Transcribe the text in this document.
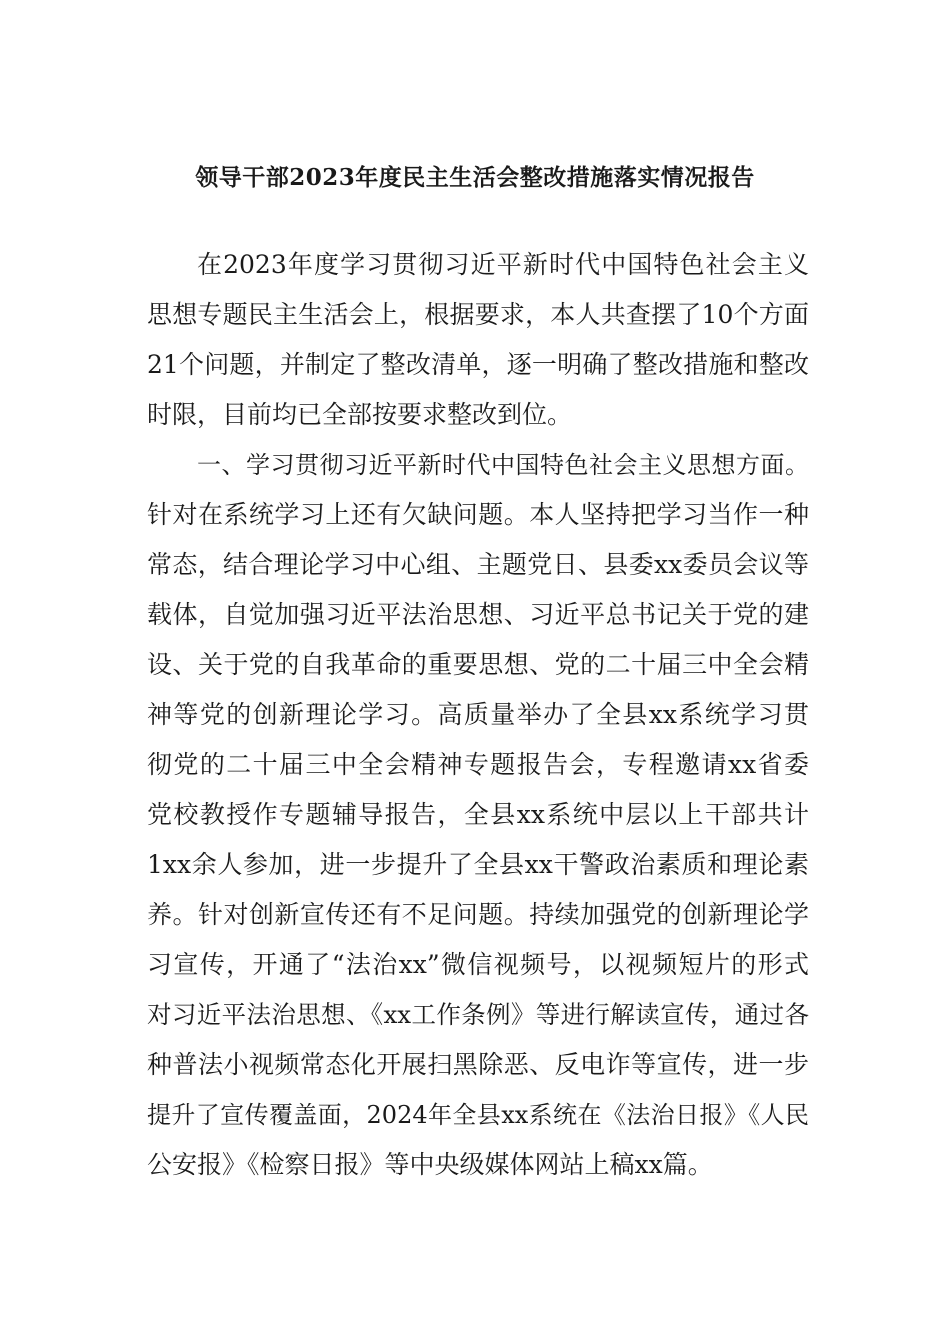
领导干部2023年度民主生活会整改措施落实情况报告
在2023年度学习贯彻习近平新时代中国特色社会主义
思想专题民主生活会上，根据要求，本人共查摆了10个方面
21个问题，并制定了整改清单，逐一明确了整改措施和整改
时限，目前均已全部按要求整改到位。
一、学习贯彻习近平新时代中国特色社会主义思想方面。
针对在系统学习上还有欠缺问题。本人坚持把学习当作一种
常态，结合理论学习中心组、主题党日、县委xx委员会议等
载体，自觉加强习近平法治思想、习近平总书记关于党的建
设、关于党的自我革命的重要思想、党的二十届三中全会精
神等党的创新理论学习。高质量举办了全县xx系统学习贯
彻党的二十届三中全会精神专题报告会，专程邀请xx省委
党校教授作专题辅导报告，全县xx系统中层以上干部共计
1xx余人参加，进一步提升了全县xx干警政治素质和理论素
养。针对创新宣传还有不足问题。持续加强党的创新理论学
习宣传，开通了“法治xx”微信视频号，以视频短片的形式
对习近平法治思想、《xx工作条例》等进行解读宣传，通过各
种普法小视频常态化开展扫黑除恶、反电诈等宣传，进一步
提升了宣传覆盖面，2024年全县xx系统在《法治日报》《人民
公安报》《检察日报》等中央级媒体网站上稿xx篇。
